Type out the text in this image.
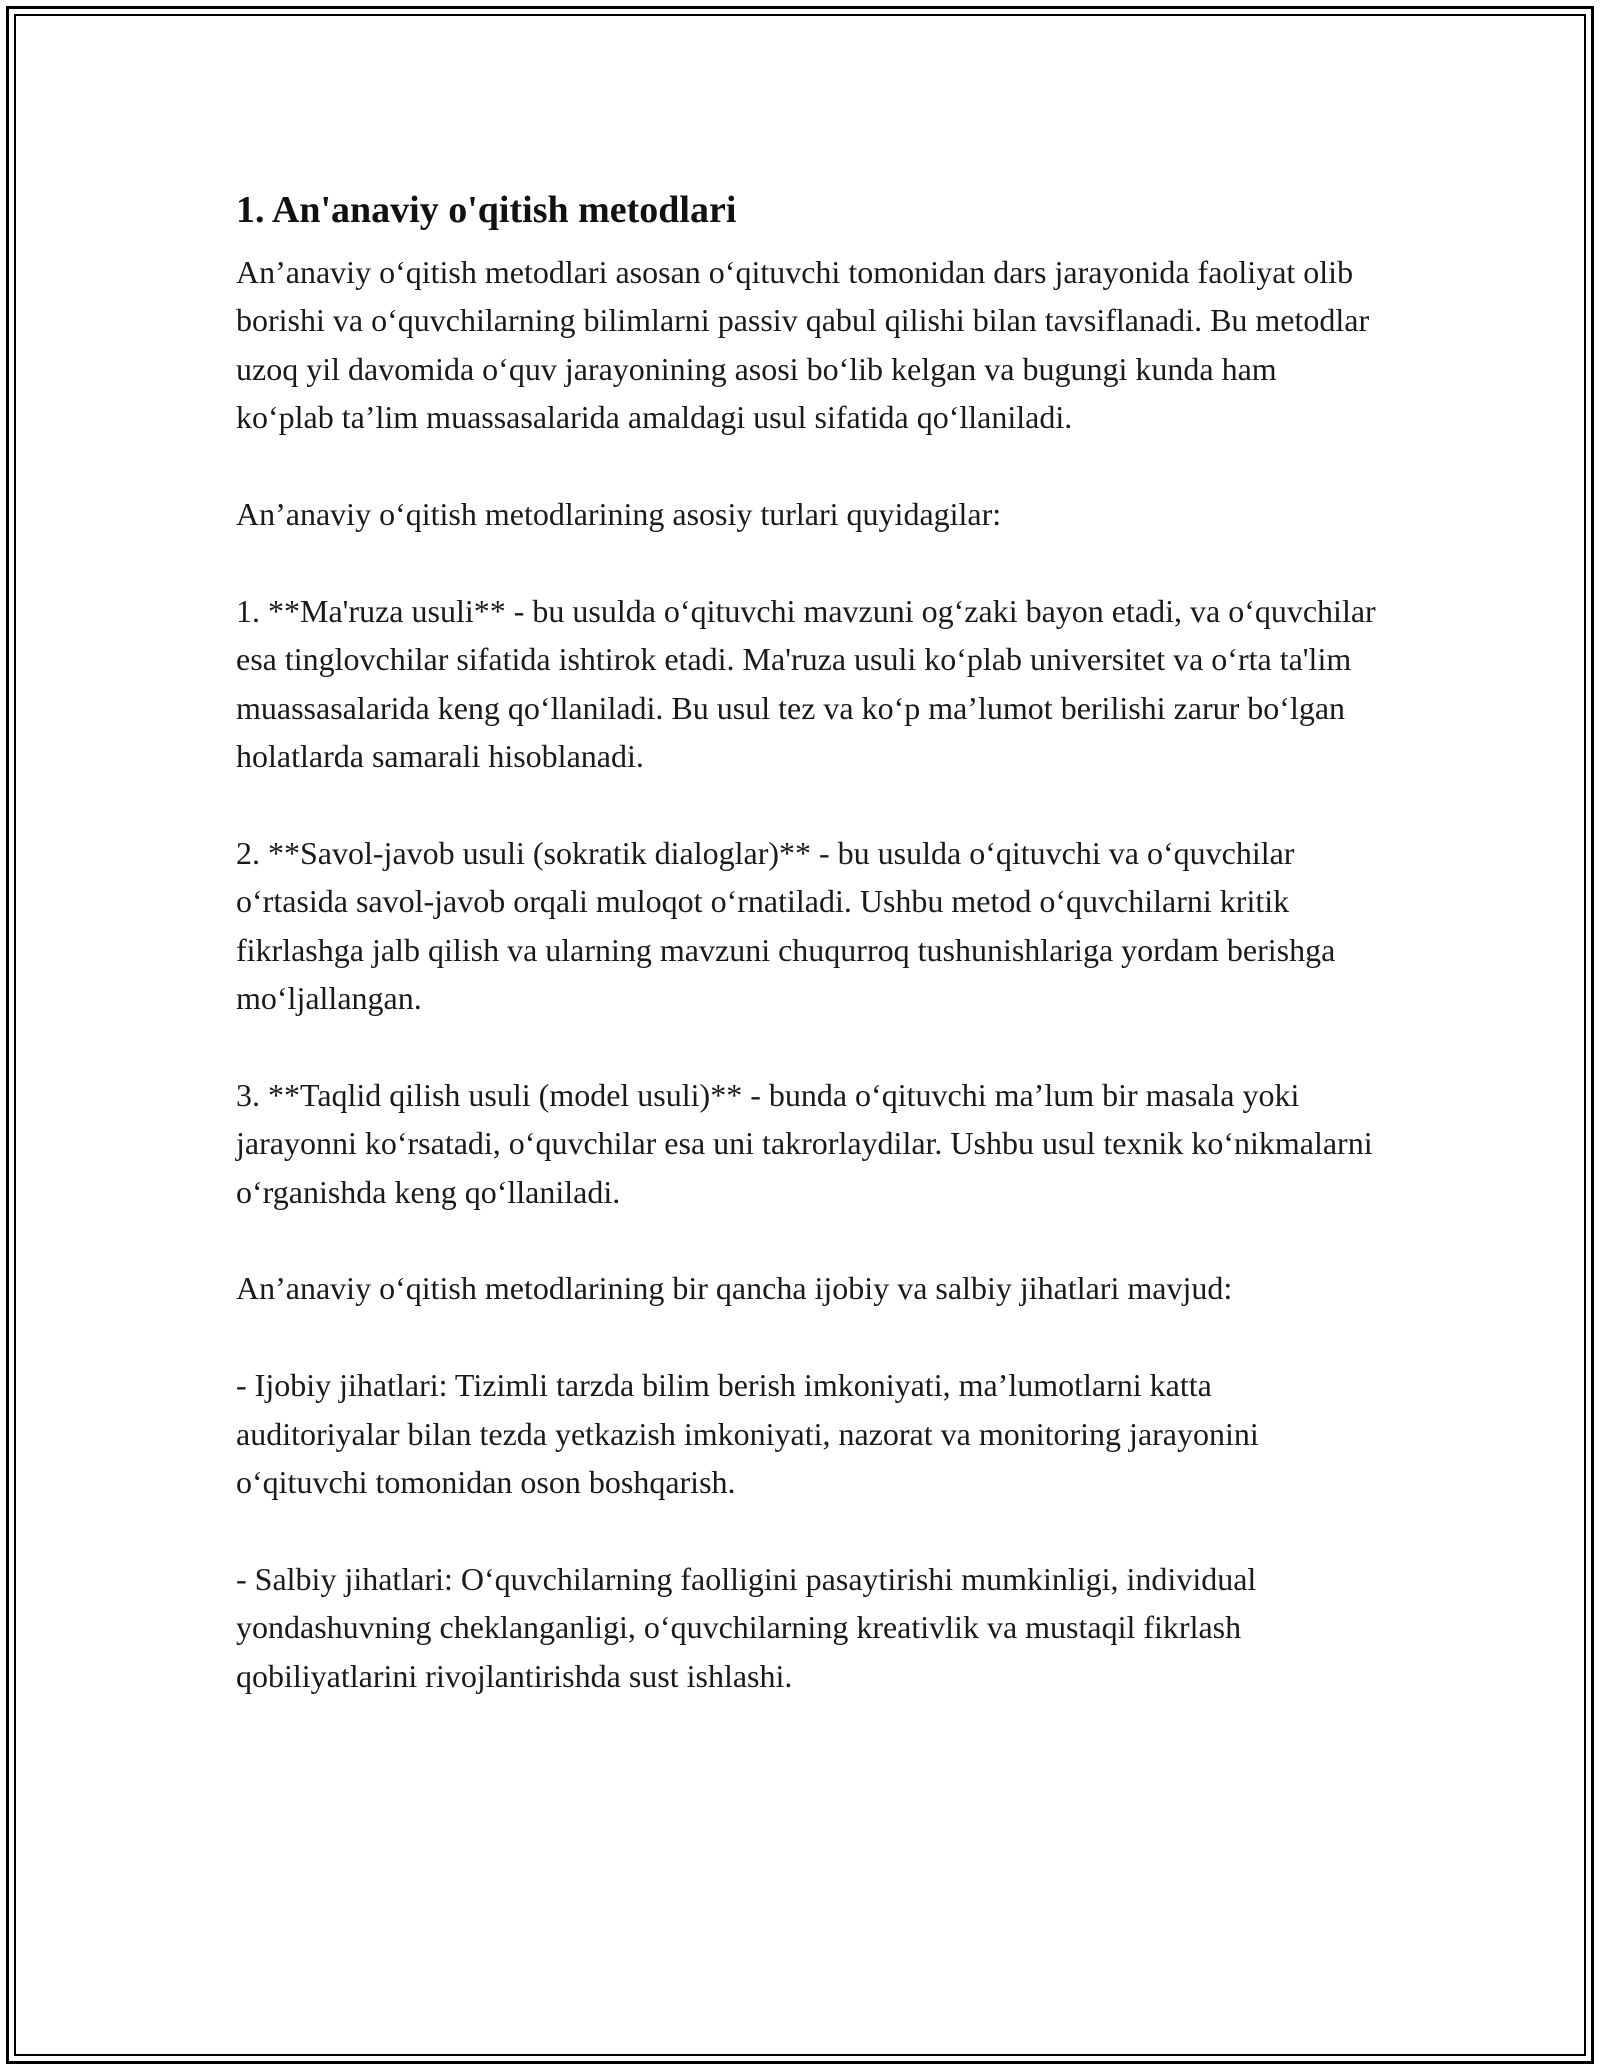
1. An'anaviy o'qitish metodlari

An’anaviy o‘qitish metodlari asosan o‘qituvchi tomonidan dars jarayonida faoliyat olib borishi va o‘quvchilarning bilimlarni passiv qabul qilishi bilan tavsiflanadi. Bu metodlar uzoq yil davomida o‘quv jarayonining asosi bo‘lib kelgan va bugungi kunda ham ko‘plab ta’lim muassasalarida amaldagi usul sifatida qo‘llaniladi.

An’anaviy o‘qitish metodlarining asosiy turlari quyidagilar:

1. **Ma'ruza usuli** - bu usulda o‘qituvchi mavzuni og‘zaki bayon etadi, va o‘quvchilar esa tinglovchilar sifatida ishtirok etadi. Ma'ruza usuli ko‘plab universitet va o‘rta ta'lim muassasalarida keng qo‘llaniladi. Bu usul tez va ko‘p ma’lumot berilishi zarur bo‘lgan holatlarda samarali hisoblanadi.

2. **Savol-javob usuli (sokratik dialoglar)** - bu usulda o‘qituvchi va o‘quvchilar o‘rtasida savol-javob orqali muloqot o‘rnatiladi. Ushbu metod o‘quvchilarni kritik fikrlashga jalb qilish va ularning mavzuni chuqurroq tushunishlariga yordam berishga mo‘ljallangan.

3. **Taqlid qilish usuli (model usuli)** - bunda o‘qituvchi ma’lum bir masala yoki jarayonni ko‘rsatadi, o‘quvchilar esa uni takrorlaydilar. Ushbu usul texnik ko‘nikmalarni o‘rganishda keng qo‘llaniladi.

An’anaviy o‘qitish metodlarining bir qancha ijobiy va salbiy jihatlari mavjud:

- Ijobiy jihatlari: Tizimli tarzda bilim berish imkoniyati, ma’lumotlarni katta auditoriyalar bilan tezda yetkazish imkoniyati, nazorat va monitoring jarayonini o‘qituvchi tomonidan oson boshqarish.

- Salbiy jihatlari: O‘quvchilarning faolligini pasaytirishi mumkinligi, individual yondashuvning cheklanganligi, o‘quvchilarning kreativlik va mustaqil fikrlash qobiliyatlarini rivojlantirishda sust ishlashi.
